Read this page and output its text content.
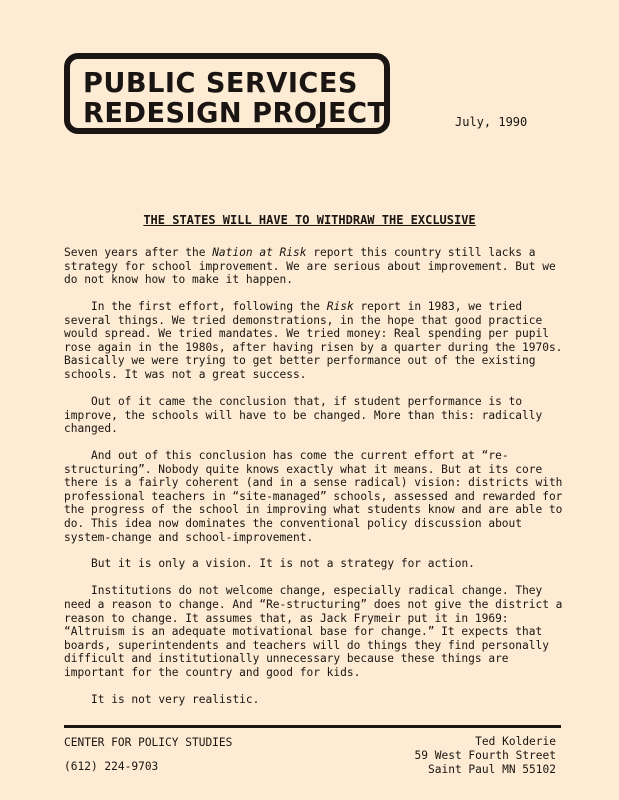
PUBLIC SERVICES
REDESIGN PROJECT	July, 1990
THE STATES WILL HAVE TO WITHDRAW THE EXCLUSIVE

Seven years after the Nation at Risk report this country still lacks a strategy for school improvement. We are serious about improvement. But we do not know how to make it happen.

In the first effort, following the Risk report in 1983, we tried several things. We tried demonstrations, in the hope that good practice would spread. We tried mandates. We tried money: Real spending per pupil rose again in the 1980s, after having risen by a quarter during the 1970s. Basically we were trying to get better performance out of the existing schools. It was not a great success.

Out of it came the conclusion that, if student performance is to improve, the schools will have to be changed. More than this: radically changed.

And out of this conclusion has come the current effort at “re-structuring”. Nobody quite knows exactly what it means. But at its core there is a fairly coherent (and in a sense radical) vision: districts with professional teachers in “site-managed” schools, assessed and rewarded for the progress of the school in improving what students know and are able to do. This idea now dominates the conventional policy discussion about system-change and school-improvement.

But it is only a vision. It is not a strategy for action.

Institutions do not welcome change, especially radical change. They need a reason to change. And “Re-structuring” does not give the district a reason to change. It assumes that, as Jack Frymeir put it in 1969: “Altruism is an adequate motivational base for change.” It expects that boards, superintendents and teachers will do things they find personally difficult and institutionally unnecessary because these things are important for the country and good for kids.

It is not very realistic.

CENTER FOR POLICY STUDIES
(612) 224-9703
Ted Kolderie
59 West Fourth Street
Saint Paul MN 55102
